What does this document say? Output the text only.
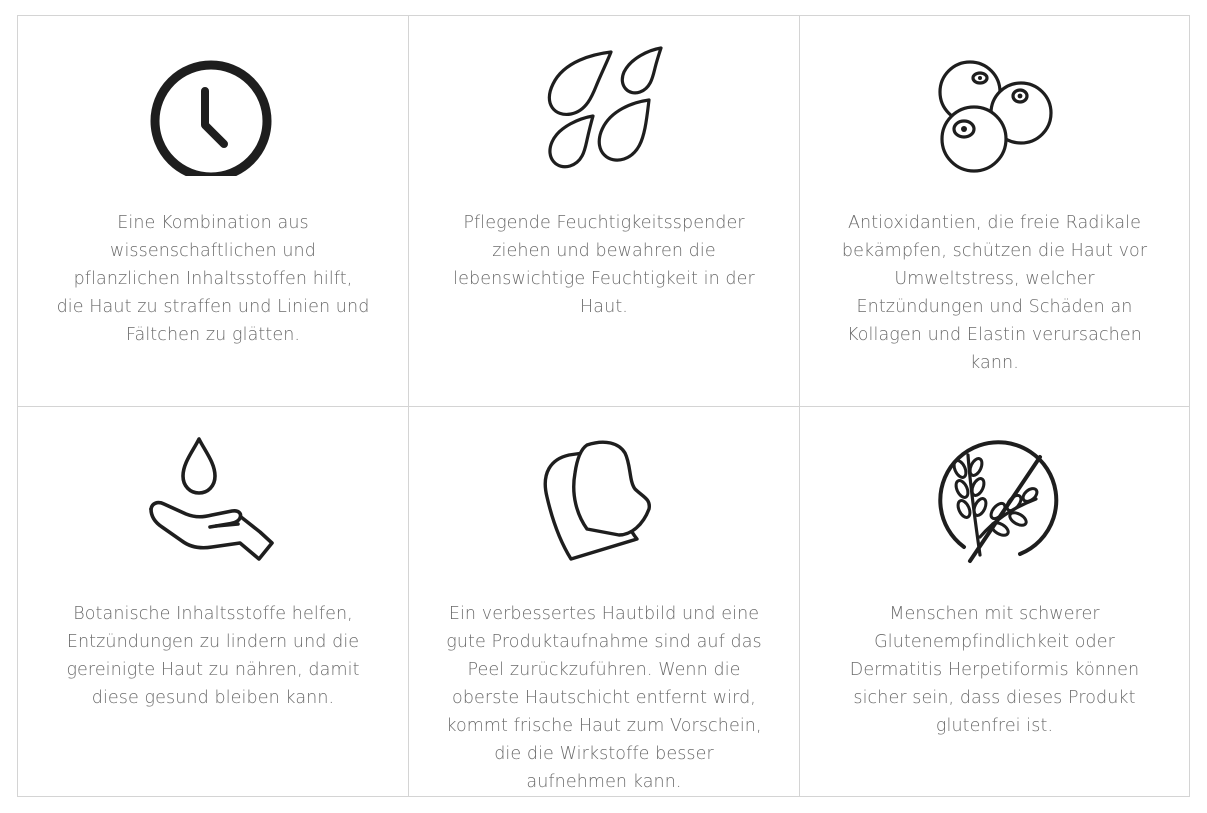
Eine Kombination aus
wissenschaftlichen und
pflanzlichen Inhaltsstoffen hilft,
die Haut zu straffen und Linien und
Fältchen zu glätten.
Pflegende Feuchtigkeitsspender
ziehen und bewahren die
lebenswichtige Feuchtigkeit in der
Haut.
Antioxidantien, die freie Radikale
bekämpfen, schützen die Haut vor
Umweltstress, welcher
Entzündungen und Schäden an
Kollagen und Elastin verursachen
kann.
Botanische Inhaltsstoffe helfen,
Entzündungen zu lindern und die
gereinigte Haut zu nähren, damit
diese gesund bleiben kann.
Ein verbessertes Hautbild und eine
gute Produktaufnahme sind auf das
Peel zurückzuführen. Wenn die
oberste Hautschicht entfernt wird,
kommt frische Haut zum Vorschein,
die die Wirkstoffe besser
aufnehmen kann.
Menschen mit schwerer
Glutenempfindlichkeit oder
Dermatitis Herpetiformis können
sicher sein, dass dieses Produkt
glutenfrei ist.
